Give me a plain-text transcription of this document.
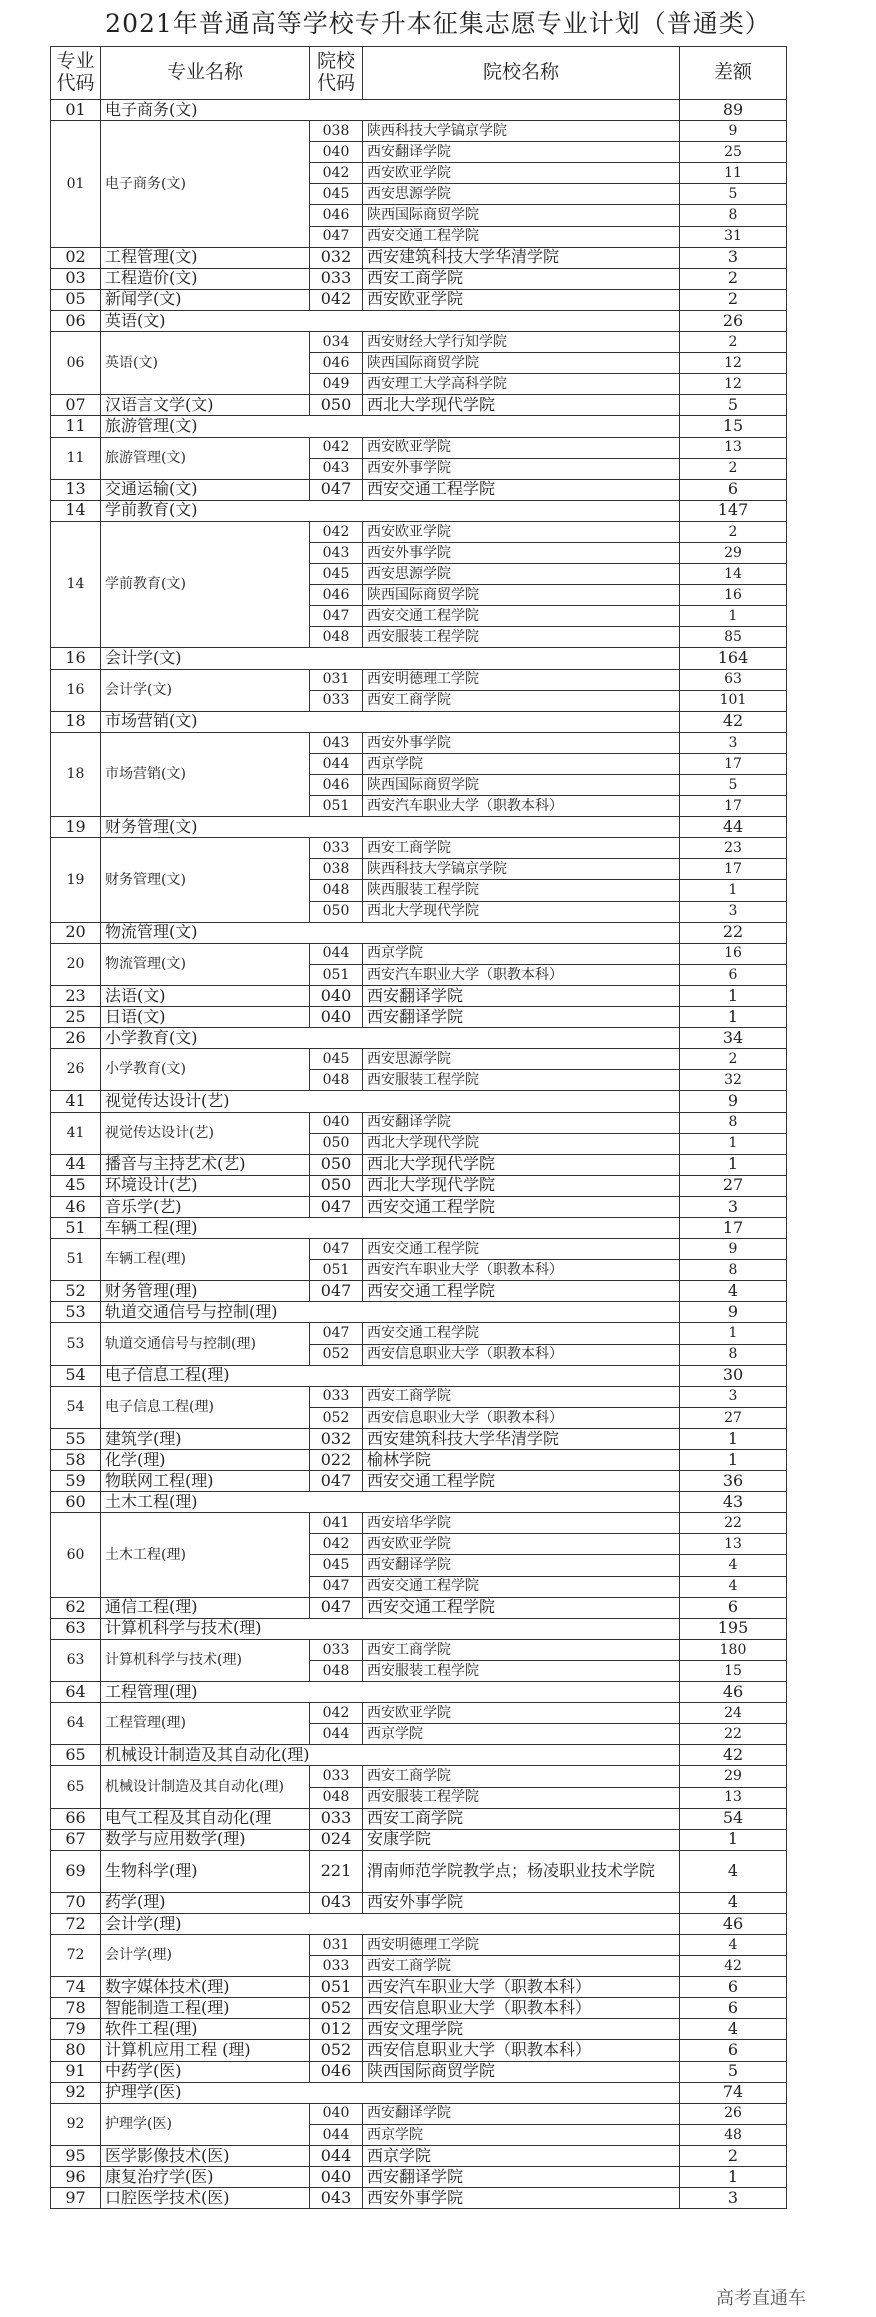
2021年普通高等学校专升本征集志愿专业计划（普通类）
专业代码	专业名称	院校代码	院校名称	差额
01	电子商务(文)			89
01	电子商务(文)	038	陕西科技大学镐京学院	9
		040	西安翻译学院	25
		042	西安欧亚学院	11
		045	西安思源学院	5
		046	陕西国际商贸学院	8
		047	西安交通工程学院	31
02	工程管理(文)	032	西安建筑科技大学华清学院	3
03	工程造价(文)	033	西安工商学院	2
05	新闻学(文)	042	西安欧亚学院	2
06	英语(文)			26
06	英语(文)	034	西安财经大学行知学院	2
		046	陕西国际商贸学院	12
		049	西安理工大学高科学院	12
07	汉语言文学(文)	050	西北大学现代学院	5
11	旅游管理(文)			15
11	旅游管理(文)	042	西安欧亚学院	13
		043	西安外事学院	2
13	交通运输(文)	047	西安交通工程学院	6
14	学前教育(文)			147
14	学前教育(文)	042	西安欧亚学院	2
		043	西安外事学院	29
		045	西安思源学院	14
		046	陕西国际商贸学院	16
		047	西安交通工程学院	1
		048	西安服装工程学院	85
16	会计学(文)			164
16	会计学(文)	031	西安明德理工学院	63
		033	西安工商学院	101
18	市场营销(文)			42
18	市场营销(文)	043	西安外事学院	3
		044	西京学院	17
		046	陕西国际商贸学院	5
		051	西安汽车职业大学（职教本科）	17
19	财务管理(文)			44
19	财务管理(文)	033	西安工商学院	23
		038	陕西科技大学镐京学院	17
		048	陕西服装工程学院	1
		050	西北大学现代学院	3
20	物流管理(文)			22
20	物流管理(文)	044	西京学院	16
		051	西安汽车职业大学（职教本科）	6
23	法语(文)	040	西安翻译学院	1
25	日语(文)	040	西安翻译学院	1
26	小学教育(文)			34
26	小学教育(文)	045	西安思源学院	2
		048	西安服装工程学院	32
41	视觉传达设计(艺)			9
41	视觉传达设计(艺)	040	西安翻译学院	8
		050	西北大学现代学院	1
44	播音与主持艺术(艺)	050	西北大学现代学院	1
45	环境设计(艺)	050	西北大学现代学院	27
46	音乐学(艺)	047	西安交通工程学院	3
51	车辆工程(理)			17
51	车辆工程(理)	047	西安交通工程学院	9
		051	西安汽车职业大学（职教本科）	8
52	财务管理(理)	047	西安交通工程学院	4
53	轨道交通信号与控制(理)			9
53	轨道交通信号与控制(理)	047	西安交通工程学院	1
		052	西安信息职业大学（职教本科）	8
54	电子信息工程(理)			30
54	电子信息工程(理)	033	西安工商学院	3
		052	西安信息职业大学（职教本科）	27
55	建筑学(理)	032	西安建筑科技大学华清学院	1
58	化学(理)	022	榆林学院	1
59	物联网工程(理)	047	西安交通工程学院	36
60	土木工程(理)			43
60	土木工程(理)	041	西安培华学院	22
		042	西安欧亚学院	13
		045	西安翻译学院	4
		047	西安交通工程学院	4
62	通信工程(理)	047	西安交通工程学院	6
63	计算机科学与技术(理)			195
63	计算机科学与技术(理)	033	西安工商学院	180
		048	西安服装工程学院	15
64	工程管理(理)			46
64	工程管理(理)	042	西安欧亚学院	24
		044	西京学院	22
65	机械设计制造及其自动化(理)			42
65	机械设计制造及其自动化(理)	033	西安工商学院	29
		048	西安服装工程学院	13
66	电气工程及其自动化(理	033	西安工商学院	54
67	数学与应用数学(理)	024	安康学院	1
69	生物科学(理)	221	渭南师范学院教学点；杨凌职业技术学院	4
70	药学(理)	043	西安外事学院	4
72	会计学(理)			46
72	会计学(理)	031	西安明德理工学院	4
		033	西安工商学院	42
74	数字媒体技术(理)	051	西安汽车职业大学（职教本科）	6
78	智能制造工程(理)	052	西安信息职业大学（职教本科）	6
79	软件工程(理)	012	西安文理学院	4
80	计算机应用工程 (理)	052	西安信息职业大学（职教本科）	6
91	中药学(医)	046	陕西国际商贸学院	5
92	护理学(医)			74
92	护理学(医)	040	西安翻译学院	26
		044	西京学院	48
95	医学影像技术(医)	044	西京学院	2
96	康复治疗学(医)	040	西安翻译学院	1
97	口腔医学技术(医)	043	西安外事学院	3
高考直通车
